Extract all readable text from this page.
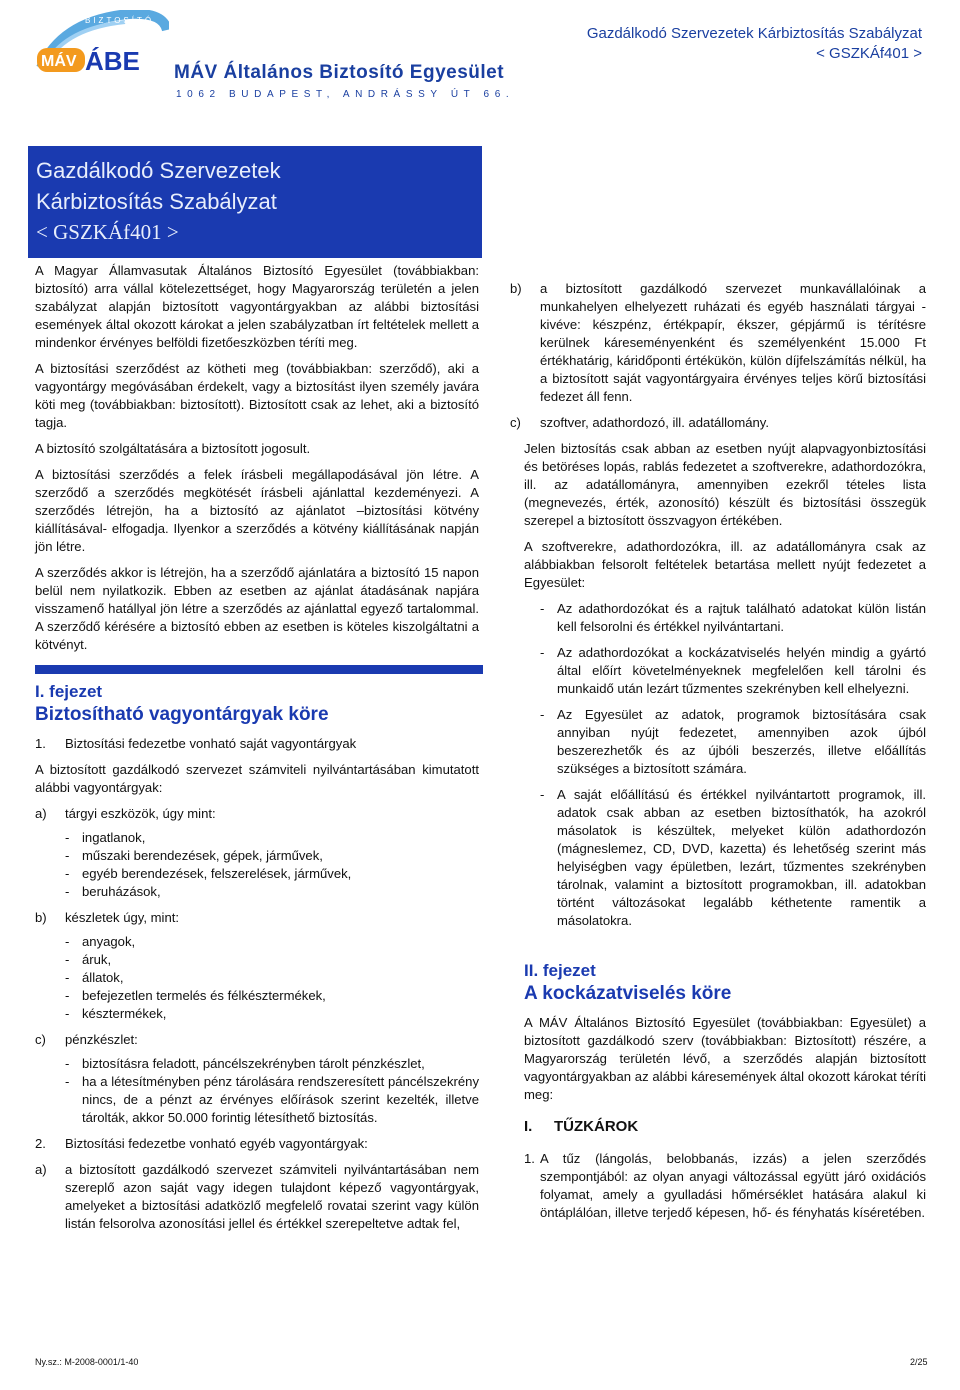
BIZTOSÍTÓ
MÁV ÁBE MÁV Általános Biztosító Egyesület
1062 BUDAPEST, ANDRÁSSY ÚT 66.
Gazdálkodó Szervezetek Kárbiztosítás Szabályzat
< GSZKÁf401 >
Gazdálkodó Szervezetek
Kárbiztosítás Szabályzat
< GSZKÁf401 >

A Magyar Államvasutak Általános Biztosító Egyesület (továbbiakban: biztosító) arra vállal kötelezettséget, hogy Magyarország területén a jelen szabályzat alapján biztosított vagyontárgyakban az alábbi biztosítási események által okozott károkat a jelen szabályzatban írt feltételek mellett a mindenkor érvényes belföldi fizetőeszközben téríti meg.

A biztosítási szerződést az kötheti meg (továbbiakban: szerződő), aki a vagyontárgy megóvásában érdekelt, vagy a biztosítást ilyen személy javára köti meg (továbbiakban: biztosított). Biztosított csak az lehet, aki a biztosító tagja.

A biztosító szolgáltatására a biztosított jogosult.

A biztosítási szerződés a felek írásbeli megállapodásával jön létre. A szerződő a szerződés megkötését írásbeli ajánlattal kezdeményezi. A szerződés létrejön, ha a biztosító az ajánlatot –biztosítási kötvény kiállításával- elfogadja. Ilyenkor a szerződés a kötvény kiállításának napján jön létre.

A szerződés akkor is létrejön, ha a szerződő ajánlatára a biztosító 15 napon belül nem nyilatkozik. Ebben az esetben az ajánlat átadásának napjára visszamenő hatállyal jön létre a szerződés az ajánlattal egyező tartalommal. A szerződő kérésére a biztosító ebben az esetben is köteles kiszolgáltatni a kötvényt.

I. fejezet
Biztosítható vagyontárgyak köre
1.	Biztosítási fedezetbe vonható saját vagyontárgyak

A biztosított gazdálkodó szervezet számviteli nyilvántartásában kimutatott alábbi vagyontárgyak:

a)	tárgyi eszközök, úgy mint:
- ingatlanok,
- műszaki berendezések, gépek, járművek,
- egyéb berendezések, felszerelések, járművek,
- beruházások,
b)	készletek úgy, mint:
- anyagok,
- áruk,
- állatok,
- befejezetlen termelés és félkésztermékek,
- késztermékek,
c)	pénzkészlet:
- biztosításra feladott, páncélszekrényben tárolt pénzkészlet,
- ha a létesítményben pénz tárolására rendszeresített páncélszekrény nincs, de a pénzt az érvényes előírások szerint kezelték, illetve tárolták, akkor 50.000 forintig létesíthető biztosítás.
2.	Biztosítási fedezetbe vonható egyéb vagyontárgyak:
a)	a biztosított gazdálkodó szervezet számviteli nyilvántartásában nem szereplő azon saját vagy idegen tulajdont képező vagyontárgyak, amelyeket a biztosítási adatközlő megfelelő rovatai szerint vagy külön listán felsorolva azonosítási jellel és értékkel szerepeltetve adtak fel,
b)	a biztosított gazdálkodó szervezet munkavállalóinak a munkahelyen elhelyezett ruházati és egyéb használati tárgyai - kivéve: készpénz, értékpapír, ékszer, gépjármű is térítésre kerülnek káreseményenként és személyenként 15.000 Ft értékhatárig, káridőponti értékükön, külön díjfelszámítás nélkül, ha a biztosított saját vagyontárgyaira érvényes teljes körű biztosítási fedezet áll fenn.
c)	szoftver, adathordozó, ill. adatállomány.

Jelen biztosítás csak abban az esetben nyújt alapvagyonbiztosítási és betöréses lopás, rablás fedezetet a szoftverekre, adathordozókra, ill. az adatállományra, amennyiben ezekről tételes lista (megnevezés, érték, azonosító) készült és biztosítási összegük szerepel a biztosított összvagyon értékében.

A szoftverekre, adathordozókra, ill. az adatállományra csak az alábbiakban felsorolt feltételek betartása mellett nyújt fedezetet a Egyesület:

- Az adathordozókat és a rajtuk található adatokat külön listán kell felsorolni és értékkel nyilvántartani.
- Az adathordozókat a kockázatviselés helyén mindig a gyártó által előírt követelményeknek megfelelően kell tárolni és munkaidő után lezárt tűzmentes szekrényben kell elhelyezni.
- Az Egyesület az adatok, programok biztosítására csak annyiban nyújt fedezetet, amennyiben azok újból beszerezhetők és az újbóli beszerzés, illetve előállítás szükséges a biztosított számára.
- A saját előállítású és értékkel nyilvántartott programok, ill. adatok csak abban az esetben biztosíthatók, ha azokról másolatok is készültek, melyeket külön adathordozón (mágneslemez, CD, DVD, kazetta) és lehetőség szerint más helyiségben vagy épületben, lezárt, tűzmentes szekrényben tárolnak, valamint a biztosított programokban, ill. adatokban történt változásokat legalább kéthetente ramentik a másolatokra.
II. fejezet
A kockázatviselés köre

A MÁV Általános Biztosító Egyesület (továbbiakban: Egyesület) a biztosított gazdálkodó szerv (továbbiakban: Biztosított) részére, a Magyarország területén lévő, a szerződés alapján biztosított vagyontárgyakban az alábbi káresemények által okozott károkat téríti meg:

I.	TŰZKÁROK
1. A tűz (lángolás, belobbanás, izzás) a jelen szerződés szempontjából: az olyan anyagi változással együtt járó oxidációs folyamat, amely a gyulladási hőmérséklet hatására alakul ki öntáplálóan, illetve terjedő képesen, hő- és fényhatás kíséretében.
Ny.sz.: M-2008-0001/1-40	2/25
